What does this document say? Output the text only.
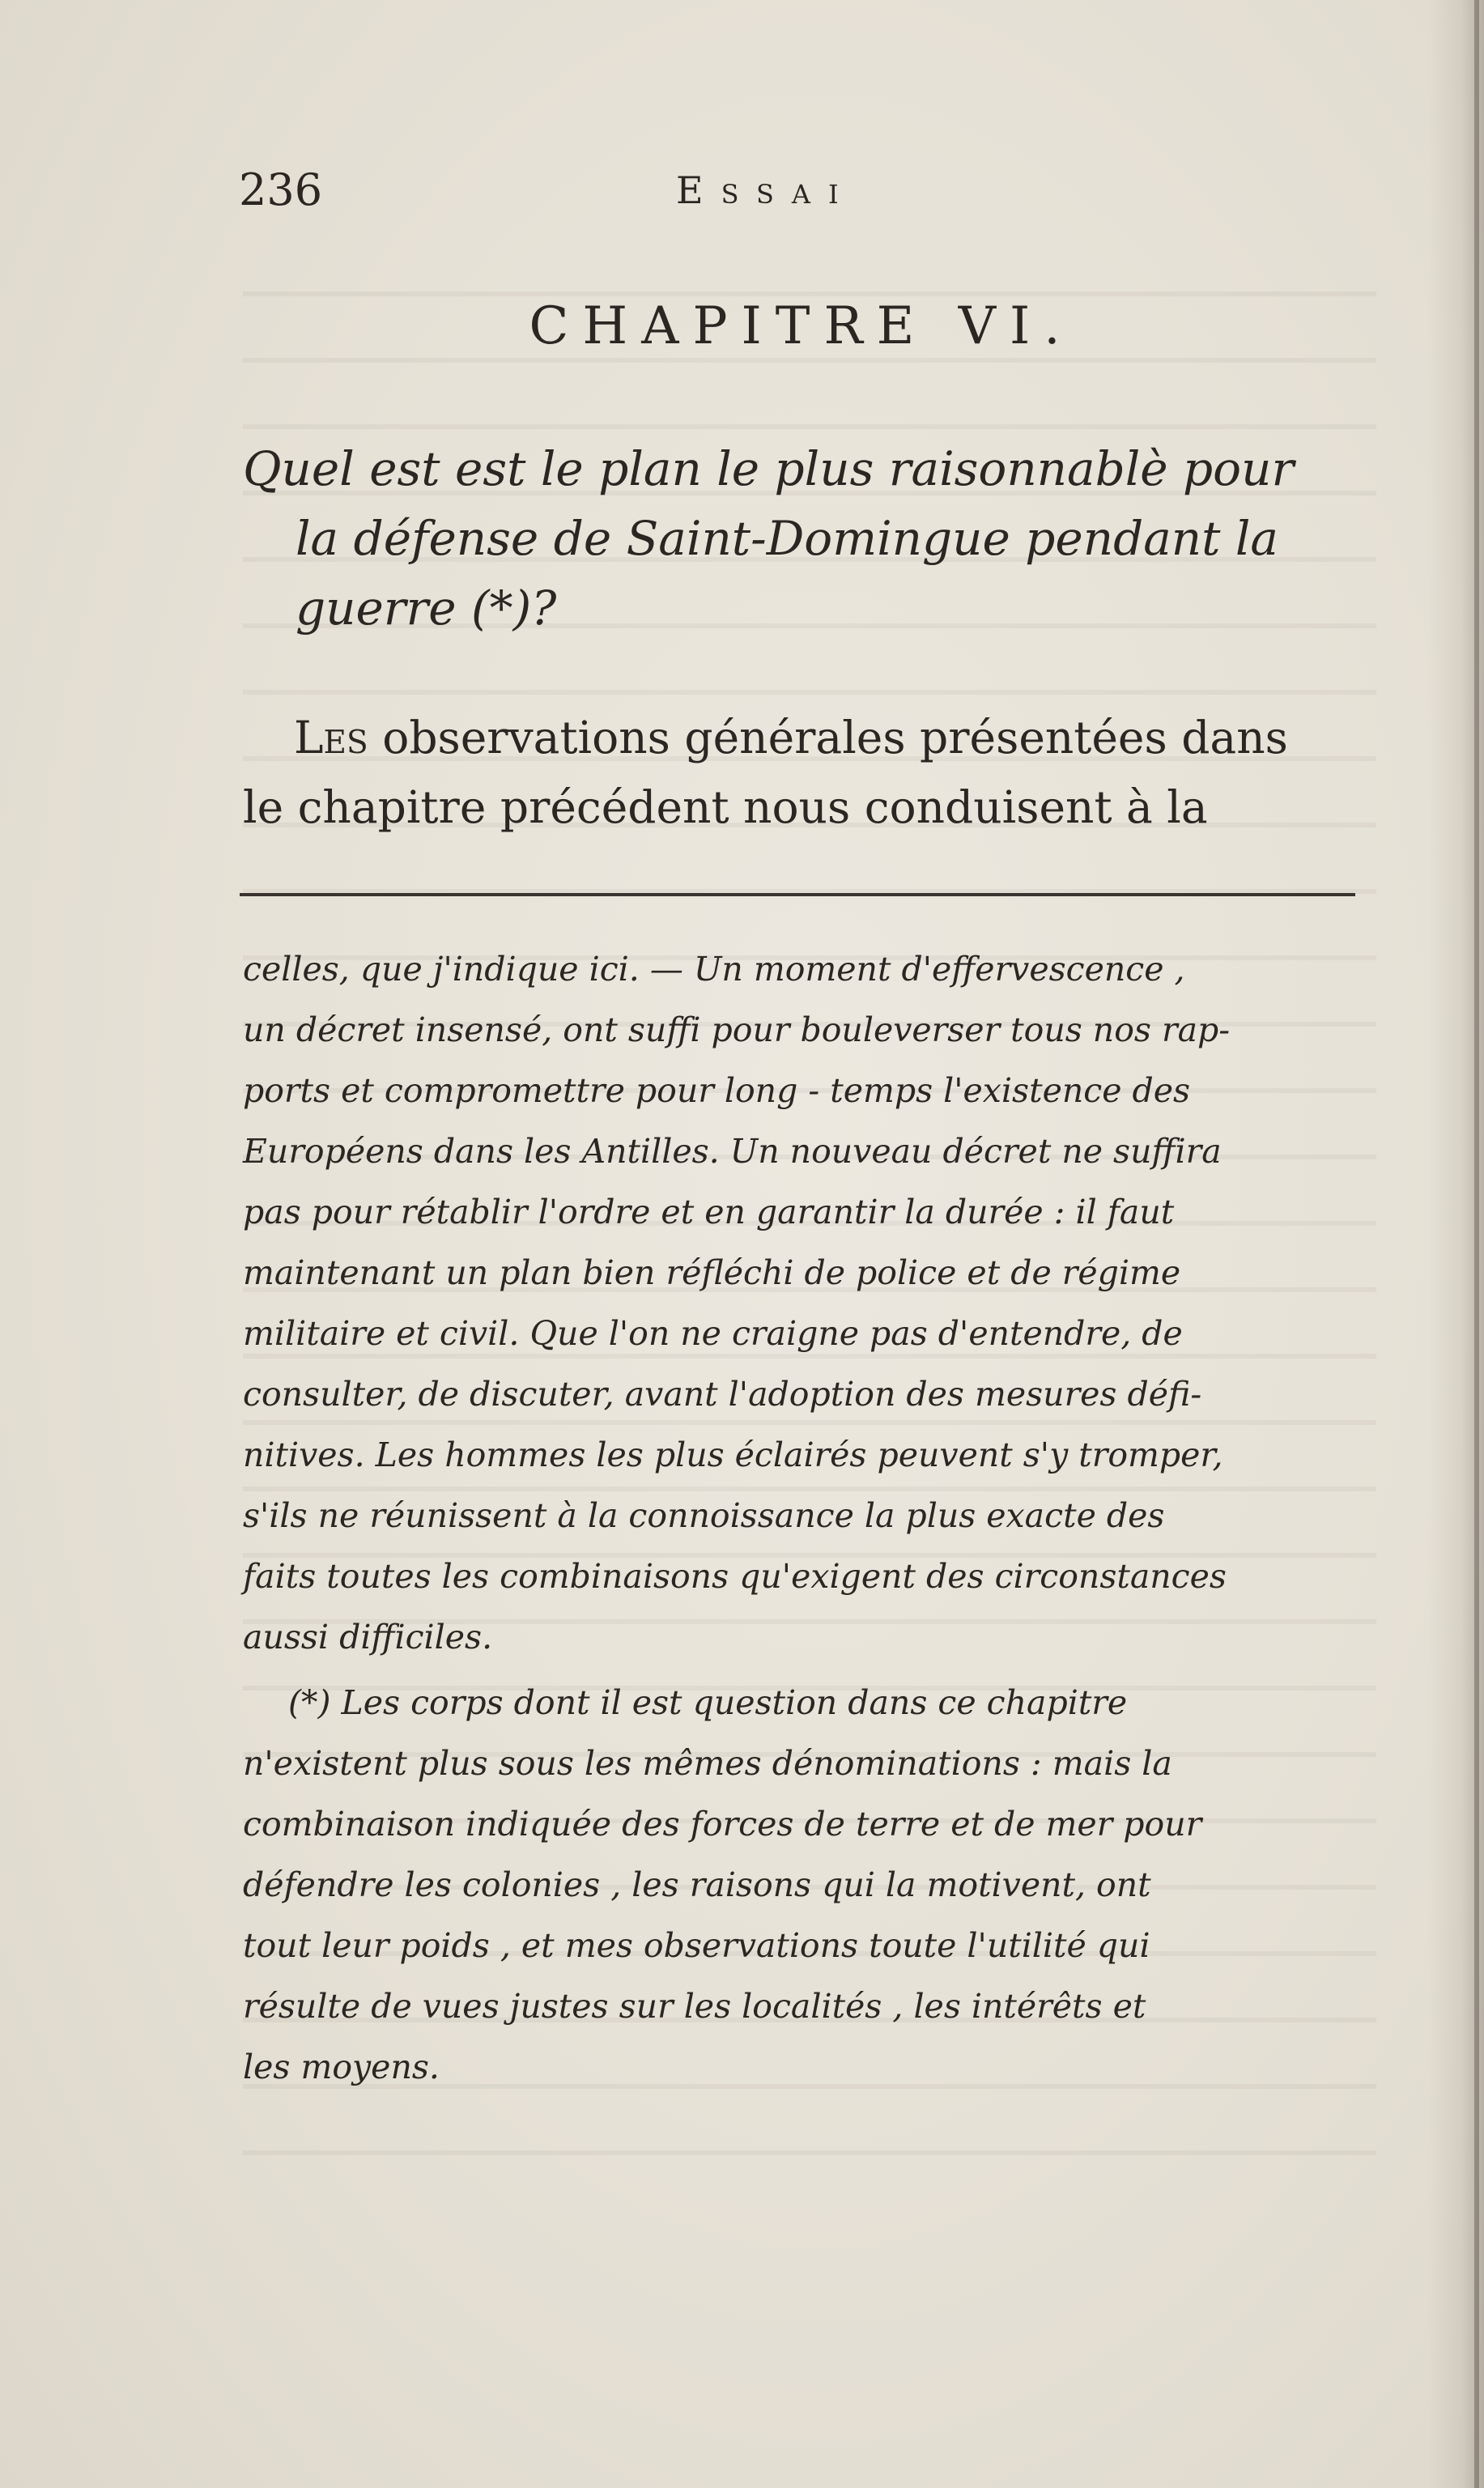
236	Essai
CHAPITRE VI.
Quel est est le plan le plus raisonnablè pour
la défense de Saint-Domingue pendant la
guerre (*)?
Les observations générales présentées dans
le chapitre précédent nous conduisent à la
celles, que j'indique ici. — Un moment d'effervescence ,
un décret insensé, ont suffi pour bouleverser tous nos rap-
ports et compromettre pour long - temps l'existence des
Européens dans les Antilles. Un nouveau décret ne suffira
pas pour rétablir l'ordre et en garantir la durée : il faut
maintenant un plan bien réfléchi de police et de régime
militaire et civil. Que l'on ne craigne pas d'entendre, de
consulter, de discuter, avant l'adoption des mesures défi-
nitives. Les hommes les plus éclairés peuvent s'y tromper,
s'ils ne réunissent à la connoissance la plus exacte des
faits toutes les combinaisons qu'exigent des circonstances
aussi difficiles.
(*) Les corps dont il est question dans ce chapitre
n'existent plus sous les mêmes dénominations : mais la
combinaison indiquée des forces de terre et de mer pour
défendre les colonies , les raisons qui la motivent, ont
tout leur poids , et mes observations toute l'utilité qui
résulte de vues justes sur les localités , les intérêts et
les moyens.
